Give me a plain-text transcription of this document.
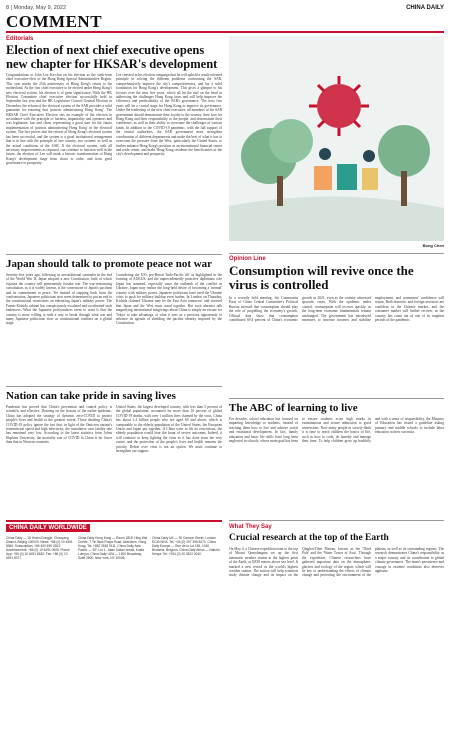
8 | Monday, May 9, 2022	CHINA DAILY
COMMENT
Editorials
Election of next chief executive opens new chapter for HKSAR's development
Congratulations to John Lee Ka-chiu on his election as the sixth-term chief executive-elect of the Hong Kong Special Administrative Region. This year marks the 25th anniversary of Hong Kong's return to the motherland. As the first chief executive to be elected under Hong Kong's new electoral system, his election is of great significance. With the HK Election Committee chief executive election successfully held in September last year and the HK Legislative Council General Election in December, the reform of the electoral system of the SAR provides a solid guarantee for ensuring that 'patriots administering Hong Kong'. The HKSAR Chief Executive Election sets an example of the election in accordance with the principle of fairness, impartiality and openness and was legitimate, fair and clean, representing a good start for the future implementation of 'patriots administering Hong Kong' in the electoral system. The fact proves that the reform of Hong Kong's electoral system has been successful, and the system is a good institutional arrangement that is in line with the principle of 'one country, two systems' as well as the actual conditions of the SAR. If the electoral system, with all necessary improvements as required, can continue to function well in the future, the election of Lee will mark a historic transformation of Hong Kong's development stage from chaos to order, and from good governance to prosperity.
Lee stressed in his election campaign that he will uphold a result-oriented principle in solving the different problems confronting the SAR, comprehensively improve the city's competitiveness, and lay a solid foundation for Hong Kong's development. This gives a glimpse to his focuses over the next five years, which all hit the nail on the head in addressing the challenges Hong Kong faces and will help improve the efficiency and predictability of the SAR's governance. The next five years will be a crucial stage for Hong Kong to improve its governance. Under the leadership of the new chief executive, all members of the SAR government should demonstrate their loyalty to the country, their love for Hong Kong and their responsibility to the people, and demonstrate their confidence, as well as their ability to overcome the challenges of various kinds. In addition to the COVID-19 pandemic, with the full support of the central authorities, the SAR government must strengthen coordination of different departments and make the best of what it has to overcome the pressure from the West, particularly the United States, to further enhance Hong Kong's position as an international financial center and trade center, and make Hong Kong residents the beneficiaries of the city's development and prosperity.
Japan should talk to promote peace not war
Seventy-five years ago, following its unconditional surrender in the end of the World War II, Japan adopted a new Constitution, both of which espouse the country will permanently forsake war. The war-renouncing constitution, as it is widely known, is the cornerstone of Japan's pacifism and its commitment to peace. Yet instead of stepping back from the confrontation, Japanese politicians now seem determined to put an end to the constitutional restrictions on enhancing Japan's military power. The Fumio Kishida cabinet has conspicuously escalated and accelerated such endeavors. What the Japanese policymakers seem to want is that the country is more willing to seek a way to break through what war and many Japanese politicians view as constitutional confines on a global stage.
Considering the US's pro-Brexit 'Indo-Pacific tilt' as highlighted in the forming of AUKUS, and the unprecedentedly proactive diplomatic role Japan has assumed, especially since the outbreak of the conflict in Ukraine, Japan may realize the long-held desire of becoming a 'normal' country with military power. Japanese politicians have used the Ukraine crisis to push for military buildup even further. In London on Thursday, Kishida claimed 'Ukraine may be the East Asia tomorrow' and stressed that Japan and the West must stand together. But such alarmist talk magnifying international misgivings about China is simply an excuse for Tokyo to take advantage of what it sees as a precious opportunity to advance its agenda of shedding the pacifist identity imposed by the Constitution.
Nation can take pride in saving lives
Pandemic has proved that China's prevention and control policy is scientific and effective. Drawing on the lessons of the earlier epidemic, China has adopted the strategy of dynamic zero-COVID to protect people's lives and health to the greatest extent. Those deriding China's COVID-19 policy ignore the fact that, in light of the Omicron variant's transmission speed and high infectivity, the cumulative case fatality rate has remained very low. According to the latest statistics from Johns Hopkins University, the mortality rate of COVID in China is far lower than that in Western countries.
United States, the largest developed country, with less than 5 percent of the global population, accounted for more than 16 percent of global COVID-19 deaths, with over 1 million lives claimed by the virus. China has about 1.4 billion people who are aged 60 and above, which is comparable to the elderly population of the United States, the European Union and Japan put together. If China were to lift its restrictions, the elderly population would bear the brunt of severe outcomes. Indeed, it will continue to keep fighting the virus as it has done from the very outset, and the protection of the people's lives and health remains the priority. Defeat over virus is not an option. We must continue to strengthen our support.
CHINA DAILY WORLDWIDE
China Daily — 15 Huixin Dongjie, Chaoyang District, Beijing 100029. News: +86 (0) 10 6491 8366. Subscription: +86 400 699 0203. Advertisement: +86 (0) 10 6491 0605. Phone App: +86 (0) 10 6491 8633. Fax: +86 (0) 10 6491 8377.
China Daily Hong Kong — Room 1818, Hing Wai Centre, 7 Tin Wan Praya Road, Aberdeen, Hong Kong. Tel: +852 2518 5111. China Daily Asia Pacific — 4/F, Lot 1, Jalan Sultan Ismail, Kuala Lumpur. China Daily USA — 1500 Broadway, Suite 2800, New York, NY 10036.
China Daily UK — 90 Cannon Street, London EC4N 6HA. Tel: +44 (0) 207 398 8270. China Daily Europe — Rue de la Loi 155, 1040 Brussels, Belgium. China Daily Africa — Nairobi, Kenya. Tel: +254 (0) 20 3522 0040.
Bong Chen
Opinion Line
Consumption will revive once the virus is controlled
In a recently held meeting, the Communist Party of China Central Committee's Political Bureau stressed that consumption should play the role of propelling the economy's growth. Official data show that consumption contributed 69.4 percent of China's economic growth in 2021, even as the country witnessed sporadic cases. With the epidemic under control, consumption will recover quickly, as the long-term economic fundamentals remain unchanged. The government has introduced measures to increase incomes and stabilize employment, and consumers' confidence will return. Both domestic and foreign investors are confident in the Chinese market, and the consumer market will further recover, as the country has come out of one of its toughest periods of the pandemic.
The ABC of learning to live
For decades, school education has focused on imparting knowledge to students, instead of teaching them how to live and achieve social and emotional development. In fact, family education and basic life skills have long been neglected in schools, whose main goal has been to ensure students score high marks in examinations and secure admission to good universities. Now many people in society think it is time to teach children the basics of life, such as how to cook, do laundry and manage their time. To help children grow up healthily and with a sense of responsibility, the Ministry of Education has issued a guideline asking primary and middle schools to include labor education in their curricula.
What They Say
Crucial research at the top of the Earth
On May 4, a Chinese expedition team to the top of Mount Qomolangma set up the first automatic weather station at the highest point of the Earth, at 8,830 meters above sea level. It marked a new record as the world's highest weather station. The station will help scientists study climate change and its impact on the Qinghai-Tibet Plateau, known as the 'Third Pole' and the 'Water Tower of Asia'. Through the expedition, Chinese researchers have gathered important data on the atmosphere, glaciers and ecology of the region, which will be key to understanding the effects of climate change and protecting the environment of the plateau, as well as its surrounding regions. The research demonstrates China's responsibility as a major country and its contribution to global climate governance. The team's persistence and courage in extreme conditions also deserves applause.
